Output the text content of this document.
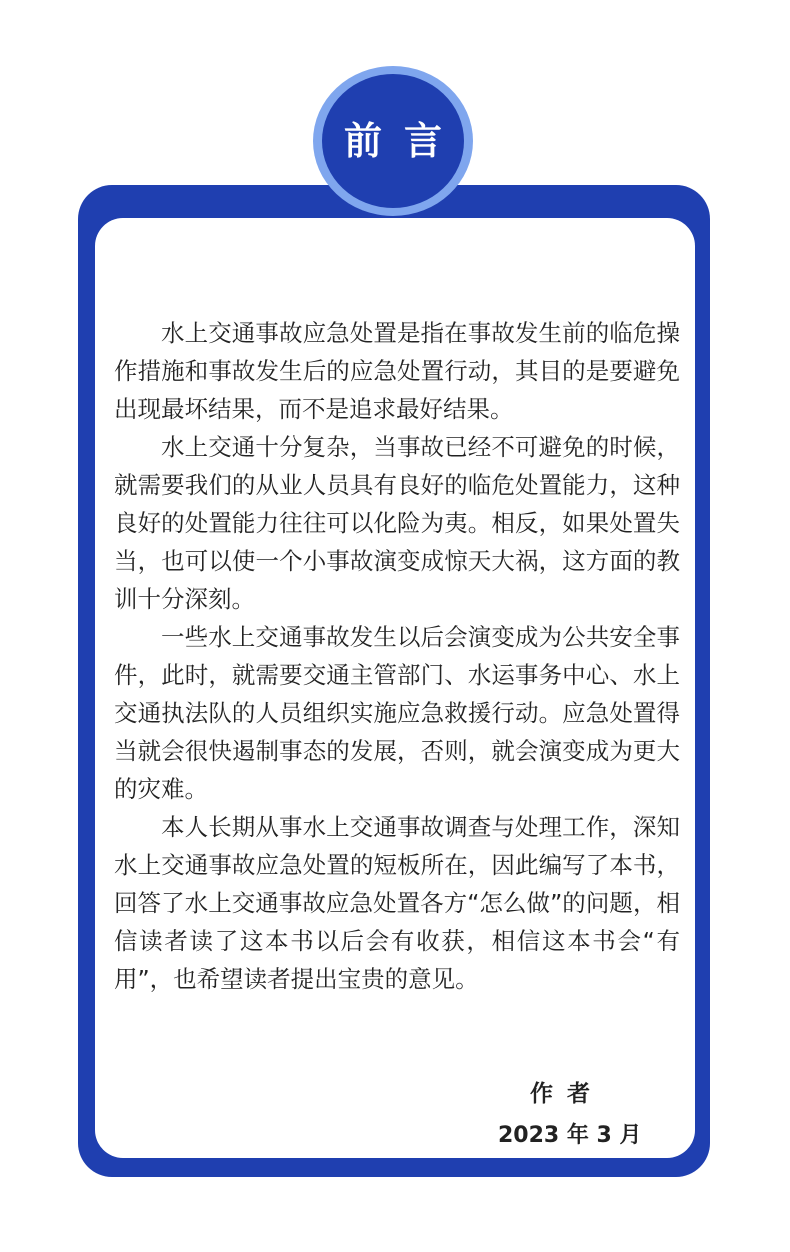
前言

水上交通事故应急处置是指在事故发生前的临危操作措施和事故发生后的应急处置行动，其目的是要避免出现最坏结果，而不是追求最好结果。

水上交通十分复杂，当事故已经不可避免的时候，就需要我们的从业人员具有良好的临危处置能力，这种良好的处置能力往往可以化险为夷。相反，如果处置失当，也可以使一个小事故演变成惊天大祸，这方面的教训十分深刻。

一些水上交通事故发生以后会演变成为公共安全事件，此时，就需要交通主管部门、水运事务中心、水上交通执法队的人员组织实施应急救援行动。应急处置得当就会很快遏制事态的发展，否则，就会演变成为更大的灾难。

本人长期从事水上交通事故调查与处理工作，深知水上交通事故应急处置的短板所在，因此编写了本书，回答了水上交通事故应急处置各方“怎么做”的问题，相信读者读了这本书以后会有收获，相信这本书会“有用”，也希望读者提出宝贵的意见。

作者
2023 年 3 月
